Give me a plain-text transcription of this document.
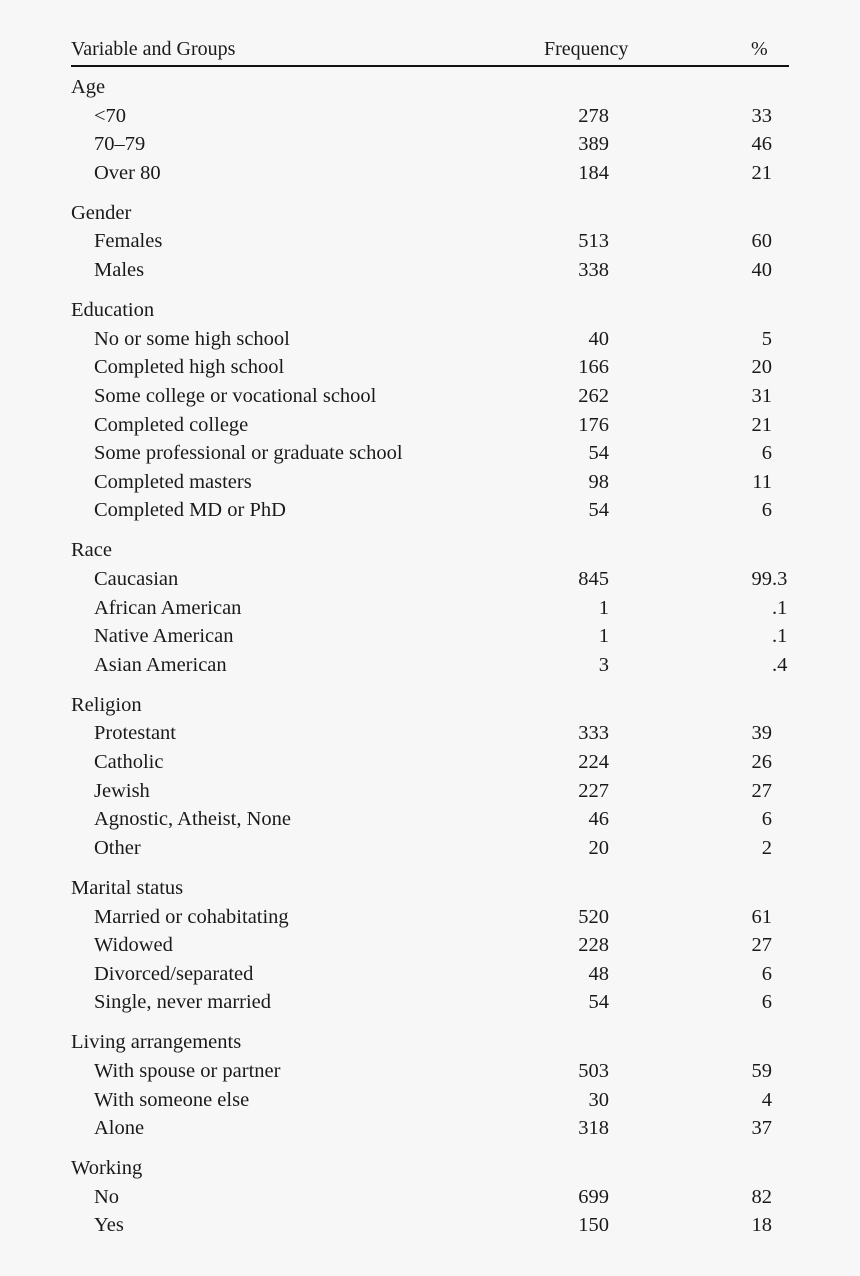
Variable and Groups	Frequency	%
Age
<70	278	33
70–79	389	46
Over 80	184	21
Gender
Females	513	60
Males	338	40
Education
No or some high school	40	5
Completed high school	166	20
Some college or vocational school	262	31
Completed college	176	21
Some professional or graduate school	54	6
Completed masters	98	11
Completed MD or PhD	54	6
Race
Caucasian	845	99.3
African American	1	.1
Native American	1	.1
Asian American	3	.4
Religion
Protestant	333	39
Catholic	224	26
Jewish	227	27
Agnostic, Atheist, None	46	6
Other	20	2
Marital status
Married or cohabitating	520	61
Widowed	228	27
Divorced/separated	48	6
Single, never married	54	6
Living arrangements
With spouse or partner	503	59
With someone else	30	4
Alone	318	37
Working
No	699	82
Yes	150	18
